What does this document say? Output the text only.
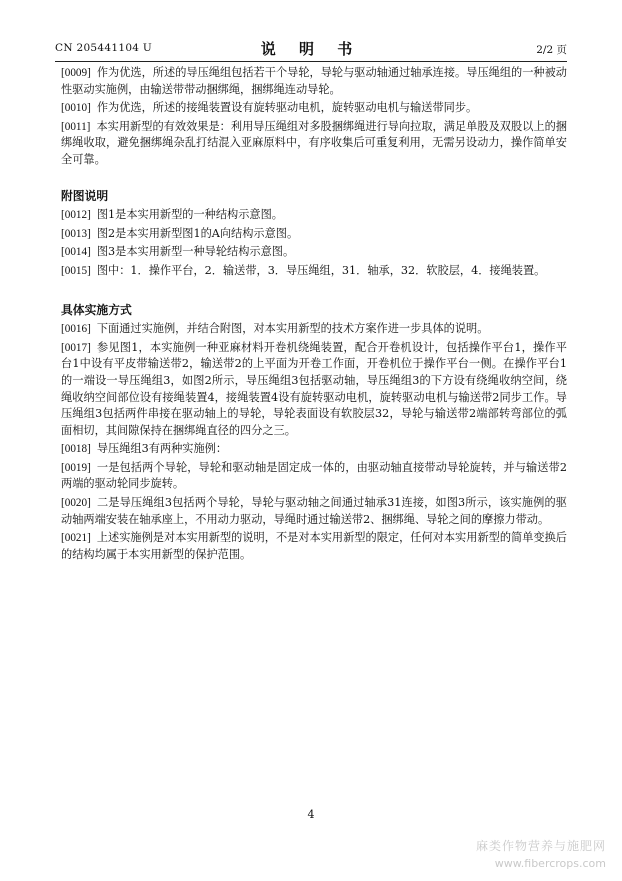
CN 205441104 U	说 明 书	2/2 页
[0009] 作为优选，所述的导压绳组包括若干个导轮，导轮与驱动轴通过轴承连接。导压绳组的一种被动性驱动实施例，由输送带带动捆绑绳，捆绑绳连动导轮。
[0010] 作为优选，所述的接绳装置设有旋转驱动电机，旋转驱动电机与输送带同步。
[0011] 本实用新型的有效效果是：利用导压绳组对多股捆绑绳进行导向拉取，满足单股及双股以上的捆绑绳收取，避免捆绑绳杂乱打结混入亚麻原料中，有序收集后可重复利用，无需另设动力，操作简单安全可靠。
附图说明
[0012] 图1是本实用新型的一种结构示意图。
[0013] 图2是本实用新型图1的A向结构示意图。
[0014] 图3是本实用新型一种导轮结构示意图。
[0015] 图中：1．操作平台，2．输送带，3．导压绳组，31．轴承，32．软胶层，4．接绳装置。
具体实施方式
[0016] 下面通过实施例，并结合附图，对本实用新型的技术方案作进一步具体的说明。
[0017] 参见图1，本实施例一种亚麻材料开卷机绕绳装置，配合开卷机设计，包括操作平台1，操作平台1中设有平皮带输送带2，输送带2的上平面为开卷工作面，开卷机位于操作平台一侧。在操作平台1的一端设一导压绳组3，如图2所示，导压绳组3包括驱动轴，导压绳组3的下方设有绕绳收纳空间，绕绳收纳空间部位设有接绳装置4，接绳装置4设有旋转驱动电机，旋转驱动电机与输送带2同步工作。导压绳组3包括两件串接在驱动轴上的导轮，导轮表面设有软胶层32，导轮与输送带2端部转弯部位的弧面相切，其间隙保持在捆绑绳直径的四分之三。
[0018] 导压绳组3有两种实施例：
[0019] 一是包括两个导轮，导轮和驱动轴是固定成一体的，由驱动轴直接带动导轮旋转，并与输送带2两端的驱动轮同步旋转。
[0020] 二是导压绳组3包括两个导轮，导轮与驱动轴之间通过轴承31连接，如图3所示，该实施例的驱动轴两端安装在轴承座上，不用动力驱动，导绳时通过输送带2、捆绑绳、导轮之间的摩擦力带动。
[0021] 上述实施例是对本实用新型的说明，不是对本实用新型的限定，任何对本实用新型的简单变换后的结构均属于本实用新型的保护范围。
4
麻类作物营养与施肥网
www.fibercrops.com
